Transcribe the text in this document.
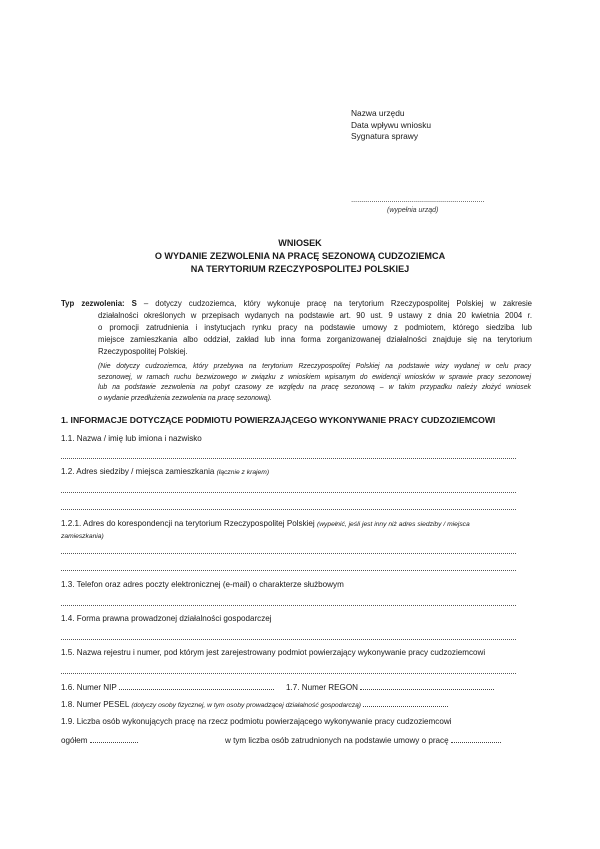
Nazwa urzędu
Data wpływu wniosku
Sygnatura sprawy
..................................................................
(wypełnia urząd)
WNIOSEK
O WYDANIE ZEZWOLENIA NA PRACĘ SEZONOWĄ CUDZOZIEMCA
NA TERYTORIUM RZECZYPOSPOLITEJ POLSKIEJ
Typ zezwolenia: S – dotyczy cudzoziemca, który wykonuje pracę na terytorium Rzeczypospolitej Polskiej w zakresie
działalności określonych w przepisach wydanych na podstawie art. 90 ust. 9 ustawy z dnia 20 kwietnia 2004 r.
o promocji zatrudnienia i instytucjach rynku pracy na podstawie umowy z podmiotem, którego siedziba lub
miejsce zamieszkania albo oddział, zakład lub inna forma zorganizowanej działalności znajduje się na terytorium
Rzeczypospolitej Polskiej.
(Nie dotyczy cudzoziemca, który przebywa na terytorium Rzeczypospolitej Polskiej na podstawie wizy wydanej w celu pracy
sezonowej, w ramach ruchu bezwizowego w związku z wnioskiem wpisanym do ewidencji wniosków w sprawie pracy sezonowej
lub na podstawie zezwolenia na pobyt czasowy ze względu na pracę sezonową – w takim przypadku należy złożyć wniosek
o wydanie przedłużenia zezwolenia na pracę sezonową).
1. INFORMACJE DOTYCZĄCE PODMIOTU POWIERZAJĄCEGO WYKONYWANIE PRACY CUDZOZIEMCOWI
1.1. Nazwa / imię lub imiona i nazwisko
1.2. Adres siedziby / miejsca zamieszkania (łącznie z krajem)
1.2.1. Adres do korespondencji na terytorium Rzeczypospolitej Polskiej (wypełnić, jeśli jest inny niż adres siedziby / miejsca
zamieszkania)
1.3. Telefon oraz adres poczty elektronicznej (e-mail) o charakterze służbowym
1.4. Forma prawna prowadzonej działalności gospodarczej
1.5. Nazwa rejestru i numer, pod którym jest zarejestrowany podmiot powierzający wykonywanie pracy cudzoziemcowi
1.6. Numer NIP	1.7. Numer REGON
1.8. Numer PESEL (dotyczy osoby fizycznej, w tym osoby prowadzącej działalność gospodarczą)
1.9. Liczba osób wykonujących pracę na rzecz podmiotu powierzającego wykonywanie pracy cudzoziemcowi
ogółem	w tym liczba osób zatrudnionych na podstawie umowy o pracę
